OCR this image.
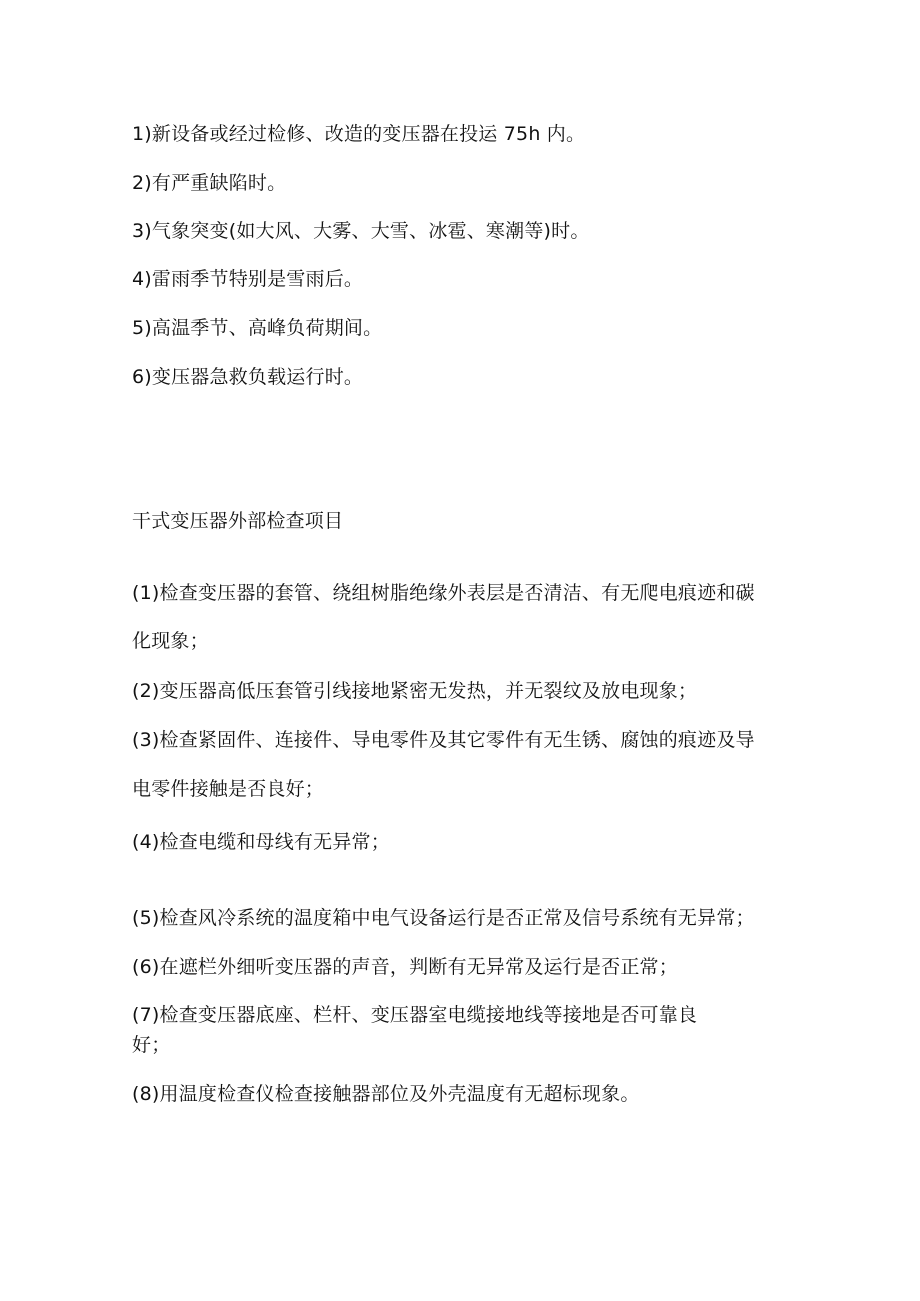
1)新设备或经过检修、改造的变压器在投运 75h 内。
2)有严重缺陷时。
3)气象突变(如大风、大雾、大雪、冰雹、寒潮等)时。
4)雷雨季节特别是雪雨后。
5)高温季节、高峰负荷期间。
6)变压器急救负载运行时。
干式变压器外部检查项目
(1)检查变压器的套管、绕组树脂绝缘外表层是否清洁、有无爬电痕迹和碳
化现象；
(2)变压器高低压套管引线接地紧密无发热，并无裂纹及放电现象；
(3)检查紧固件、连接件、导电零件及其它零件有无生锈、腐蚀的痕迹及导
电零件接触是否良好；
(4)检查电缆和母线有无异常；
(5)检查风冷系统的温度箱中电气设备运行是否正常及信号系统有无异常；
(6)在遮栏外细听变压器的声音，判断有无异常及运行是否正常；
(7)检查变压器底座、栏杆、变压器室电缆接地线等接地是否可靠良
好；
(8)用温度检查仪检查接触器部位及外壳温度有无超标现象。
